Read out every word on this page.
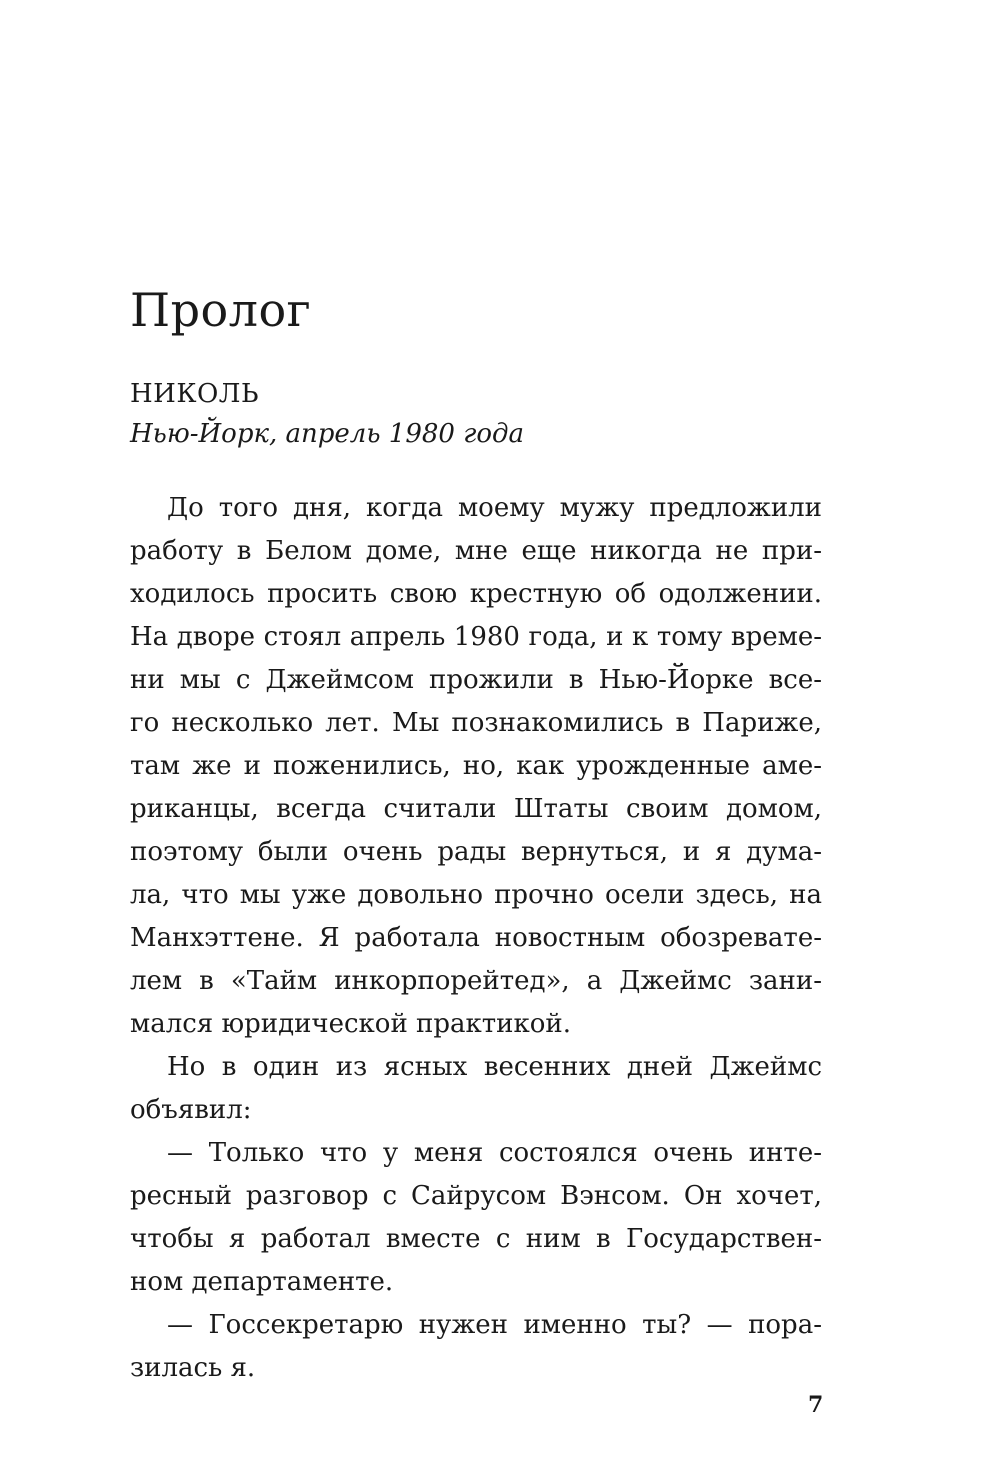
Пролог

НИКОЛЬ

Нью-Йорк, апрель 1980 года

До того дня, когда моему мужу предложили

работу в Белом доме, мне еще никогда не при-

ходилось просить свою крестную об одолжении.

На дворе стоял апрель 1980 года, и к тому време-

ни мы с Джеймсом прожили в Нью-Йорке все-

го несколько лет. Мы познакомились в Париже,

там же и поженились, но, как урожденные аме-

риканцы, всегда считали Штаты своим домом,

поэтому были очень рады вернуться, и я дума-

ла, что мы уже довольно прочно осели здесь, на

Манхэттене. Я работала новостным обозревате-

лем в «Тайм инкорпорейтед», а Джеймс зани-

мался юридической практикой.

Но в один из ясных весенних дней Джеймс

объявил:

— Только что у меня состоялся очень инте-

ресный разговор с Сайрусом Вэнсом. Он хочет,

чтобы я работал вместе с ним в Государствен-

ном департаменте.

— Госсекретарю нужен именно ты? — пора-

зилась я.

7
